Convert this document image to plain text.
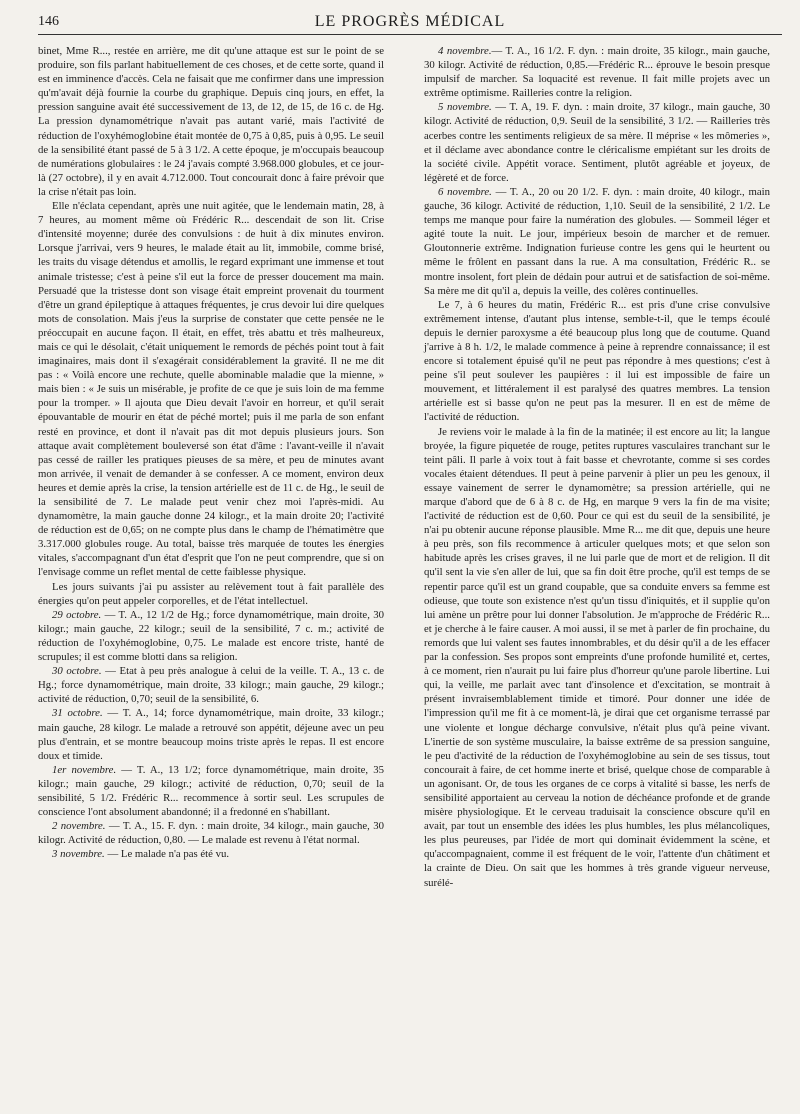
146	LE PROGRÈS MÉDICAL

binet, Mme R..., restée en arrière, me dit qu'une attaque est sur le point de se produire, son fils parlant habituellement de ces choses, et de cette sorte, quand il est en imminence d'accès. Cela ne faisait que me confirmer dans une impression qu'm'avait déjà fournie la courbe du graphique. Depuis cinq jours, en effet, la pression sanguine avait été successivement de 13, de 12, de 15, de 16 c. de Hg. La pression dynamométrique n'avait pas autant varié, mais l'activité de réduction de l'oxyhémoglobine était montée de 0,75 à 0,85, puis à 0,95. Le seuil de la sensibilité étant passé de 5 à 3 1/2. A cette époque, je m'occupais beaucoup de numérations globulaires : le 24 j'avais compté 3.968.000 globules, et ce jour-là (27 octobre), il y en avait 4.712.000. Tout concourait donc à faire prévoir que la crise n'était pas loin.

Elle n'éclata cependant, après une nuit agitée, que le lendemain matin, 28, à 7 heures, au moment même où Frédéric R... descendait de son lit. Crise d'intensité moyenne; durée des convulsions : de huit à dix minutes environ. Lorsque j'arrivai, vers 9 heures, le malade était au lit, immobile, comme brisé, les traits du visage détendus et amollis, le regard exprimant une immense et tout animale tristesse; c'est à peine s'il eut la force de presser doucement ma main. Persuadé que la tristesse dont son visage était empreint provenait du tourment d'être un grand épileptique à attaques fréquentes, je crus devoir lui dire quelques mots de consolation. Mais j'eus la surprise de constater que cette pensée ne le préoccupait en aucune façon. Il était, en effet, très abattu et très malheureux, mais ce qui le désolait, c'était uniquement le remords de péchés point tout à fait imaginaires, mais dont il s'exagérait considérablement la gravité. Il ne me dit pas : « Voilà encore une rechute, quelle abominable maladie que la mienne, » mais bien : « Je suis un misérable, je profite de ce que je suis loin de ma femme pour la tromper. » Il ajouta que Dieu devait l'avoir en horreur, et qu'il serait épouvantable de mourir en état de péché mortel; puis il me parla de son enfant resté en province, et dont il n'avait pas dit mot depuis plusieurs jours. Son attaque avait complètement bouleversé son état d'âme : l'avant-veille il n'avait pas cessé de railler les pratiques pieuses de sa mère, et peu de minutes avant mon arrivée, il venait de demander à se confesser. A ce moment, environ deux heures et demie après la crise, la tension artérielle est de 11 c. de Hg., le seuil de la sensibilité de 7. Le malade peut venir chez moi l'après-midi. Au dynamomètre, la main gauche donne 24 kilogr., et la main droite 20; l'activité de réduction est de 0,65; on ne compte plus dans le champ de l'hématimètre que 3.317.000 globules rouge. Au total, baisse très marquée de toutes les énergies vitales, s'accompagnant d'un état d'esprit que l'on ne peut comprendre, que si on l'envisage comme un reflet mental de cette faiblesse physique.

Les jours suivants j'ai pu assister au relèvement tout à fait parallèle des énergies qu'on peut appeler corporelles, et de l'état intellectuel.

29 octobre. — T. A., 12 1/2 de Hg.; force dynamométrique, main droite, 30 kilogr.; main gauche, 22 kilogr.; seuil de la sensibilité, 7 c. m.; activité de réduction de l'oxyhémoglobine, 0,75. Le malade est encore triste, hanté de scrupules; il est comme blotti dans sa religion.

30 octobre. — Etat à peu près analogue à celui de la veille. T. A., 13 c. de Hg.; force dynamométrique, main droite, 33 kilogr.; main gauche, 29 kilogr.; activité de réduction, 0,70; seuil de la sensibilité, 6.

31 octobre. — T. A., 14; force dynamométrique, main droite, 33 kilogr.; main gauche, 28 kilogr. Le malade a retrouvé son appétit, déjeune avec un peu plus d'entrain, et se montre beaucoup moins triste après le repas. Il est encore doux et timide.

1er novembre. — T. A., 13 1/2; force dynamométrique, main droite, 35 kilogr.; main gauche, 29 kilogr.; activité de réduction, 0,70; seuil de la sensibilité, 5 1/2. Frédéric R... recommence à sortir seul. Les scrupules de conscience l'ont absolument abandonné; il a fredonné en s'habillant.

2 novembre. — T. A., 15. F. dyn. : main droite, 34 kilogr., main gauche, 30 kilogr. Activité de réduction, 0,80. — Le malade est revenu à l'état normal.

3 novembre. — Le malade n'a pas été vu.

4 novembre.— T. A., 16 1/2. F. dyn. : main droite, 35 kilogr., main gauche, 30 kilogr. Activité de réduction, 0,85.—Frédéric R... éprouve le besoin presque impulsif de marcher. Sa loquacité est revenue. Il fait mille projets avec un extrême optimisme. Railleries contre la religion.

5 novembre. — T. A, 19. F. dyn. : main droite, 37 kilogr., main gauche, 30 kilogr. Activité de réduction, 0,9. Seuil de la sensibilité, 3 1/2. — Railleries très acerbes contre les sentiments religieux de sa mère. Il méprise « les mômeries », et il déclame avec abondance contre le cléricalisme empiétant sur les droits de la société civile. Appétit vorace. Sentiment, plutôt agréable et joyeux, de légèreté et de force.

6 novembre. — T. A., 20 ou 20 1/2. F. dyn. : main droite, 40 kilogr., main gauche, 36 kilogr. Activité de réduction, 1,10. Seuil de la sensibilité, 2 1/2. Le temps me manque pour faire la numération des globules. — Sommeil léger et agité toute la nuit. Le jour, impérieux besoin de marcher et de remuer. Gloutonnerie extrême. Indignation furieuse contre les gens qui le heurtent ou même le frôlent en passant dans la rue. A ma consultation, Frédéric R.. se montre insolent, fort plein de dédain pour autrui et de satisfaction de soi-même. Sa mère me dit qu'il a, depuis la veille, des colères continuelles.

Le 7, à 6 heures du matin, Frédéric R... est pris d'une crise convulsive extrêmement intense, d'autant plus intense, semble-t-il, que le temps écoulé depuis le dernier paroxysme a été beaucoup plus long que de coutume. Quand j'arrive à 8 h. 1/2, le malade commence à peine à reprendre connaissance; il est encore si totalement épuisé qu'il ne peut pas répondre à mes questions; c'est à peine s'il peut soulever les paupières : il lui est impossible de faire un mouvement, et littéralement il est paralysé des quatres membres. La tension artérielle est si basse qu'on ne peut pas la mesurer. Il en est de même de l'activité de réduction.

Je reviens voir le malade à la fin de la matinée; il est encore au lit; la langue broyée, la figure piquetée de rouge, petites ruptures vasculaires tranchant sur le teint pâli. Il parle à voix tout à fait basse et chevrotante, comme si ses cordes vocales étaient détendues. Il peut à peine parvenir à plier un peu les genoux, il essaye vainement de serrer le dynamomètre; sa pression artérielle, qui ne marque d'abord que de 6 à 8 c. de Hg, en marque 9 vers la fin de ma visite; l'activité de réduction est de 0,60. Pour ce qui est du seuil de la sensibilité, je n'ai pu obtenir aucune réponse plausible. Mme R... me dit que, depuis une heure à peu près, son fils recommence à articuler quelques mots; et que selon son habitude après les crises graves, il ne lui parle que de mort et de religion. Il dit qu'il sent la vie s'en aller de lui, que sa fin doit être proche, qu'il est temps de se repentir parce qu'il est un grand coupable, que sa conduite envers sa femme est odieuse, que toute son existence n'est qu'un tissu d'iniquités, et il supplie qu'on lui amène un prêtre pour lui donner l'absolution. Je m'approche de Frédéric R... et je cherche à le faire causer. A moi aussi, il se met à parler de fin prochaine, du remords que lui valent ses fautes innombrables, et du désir qu'il a de les effacer par la confession. Ses propos sont empreints d'une profonde humilité et, certes, à ce moment, rien n'aurait pu lui faire plus d'horreur qu'une parole libertine. Lui qui, la veille, me parlait avec tant d'insolence et d'excitation, se montrait à présent invraisemblablement timide et timoré. Pour donner une idée de l'impression qu'il me fit à ce moment-là, je dirai que cet organisme terrassé par une violente et longue décharge convulsive, n'était plus qu'à peine vivant. L'inertie de son système musculaire, la baisse extrême de sa pression sanguine, le peu d'activité de la réduction de l'oxyhémoglobine au sein de ses tissus, tout concourait à faire, de cet homme inerte et brisé, quelque chose de comparable à un agonisant. Or, de tous les organes de ce corps à vitalité si basse, les nerfs de sensibilité apportaient au cerveau la notion de déchéance profonde et de grande misère physiologique. Et le cerveau traduisait la conscience obscure qu'il en avait, par tout un ensemble des idées les plus humbles, les plus mélancoliques, les plus peureuses, par l'idée de mort qui dominait évidemment la scène, et qu'accompagnaient, comme il est fréquent de le voir, l'attente d'un châtiment et la crainte de Dieu. On sait que les hommes à très grande vigueur nerveuse, surélé-
